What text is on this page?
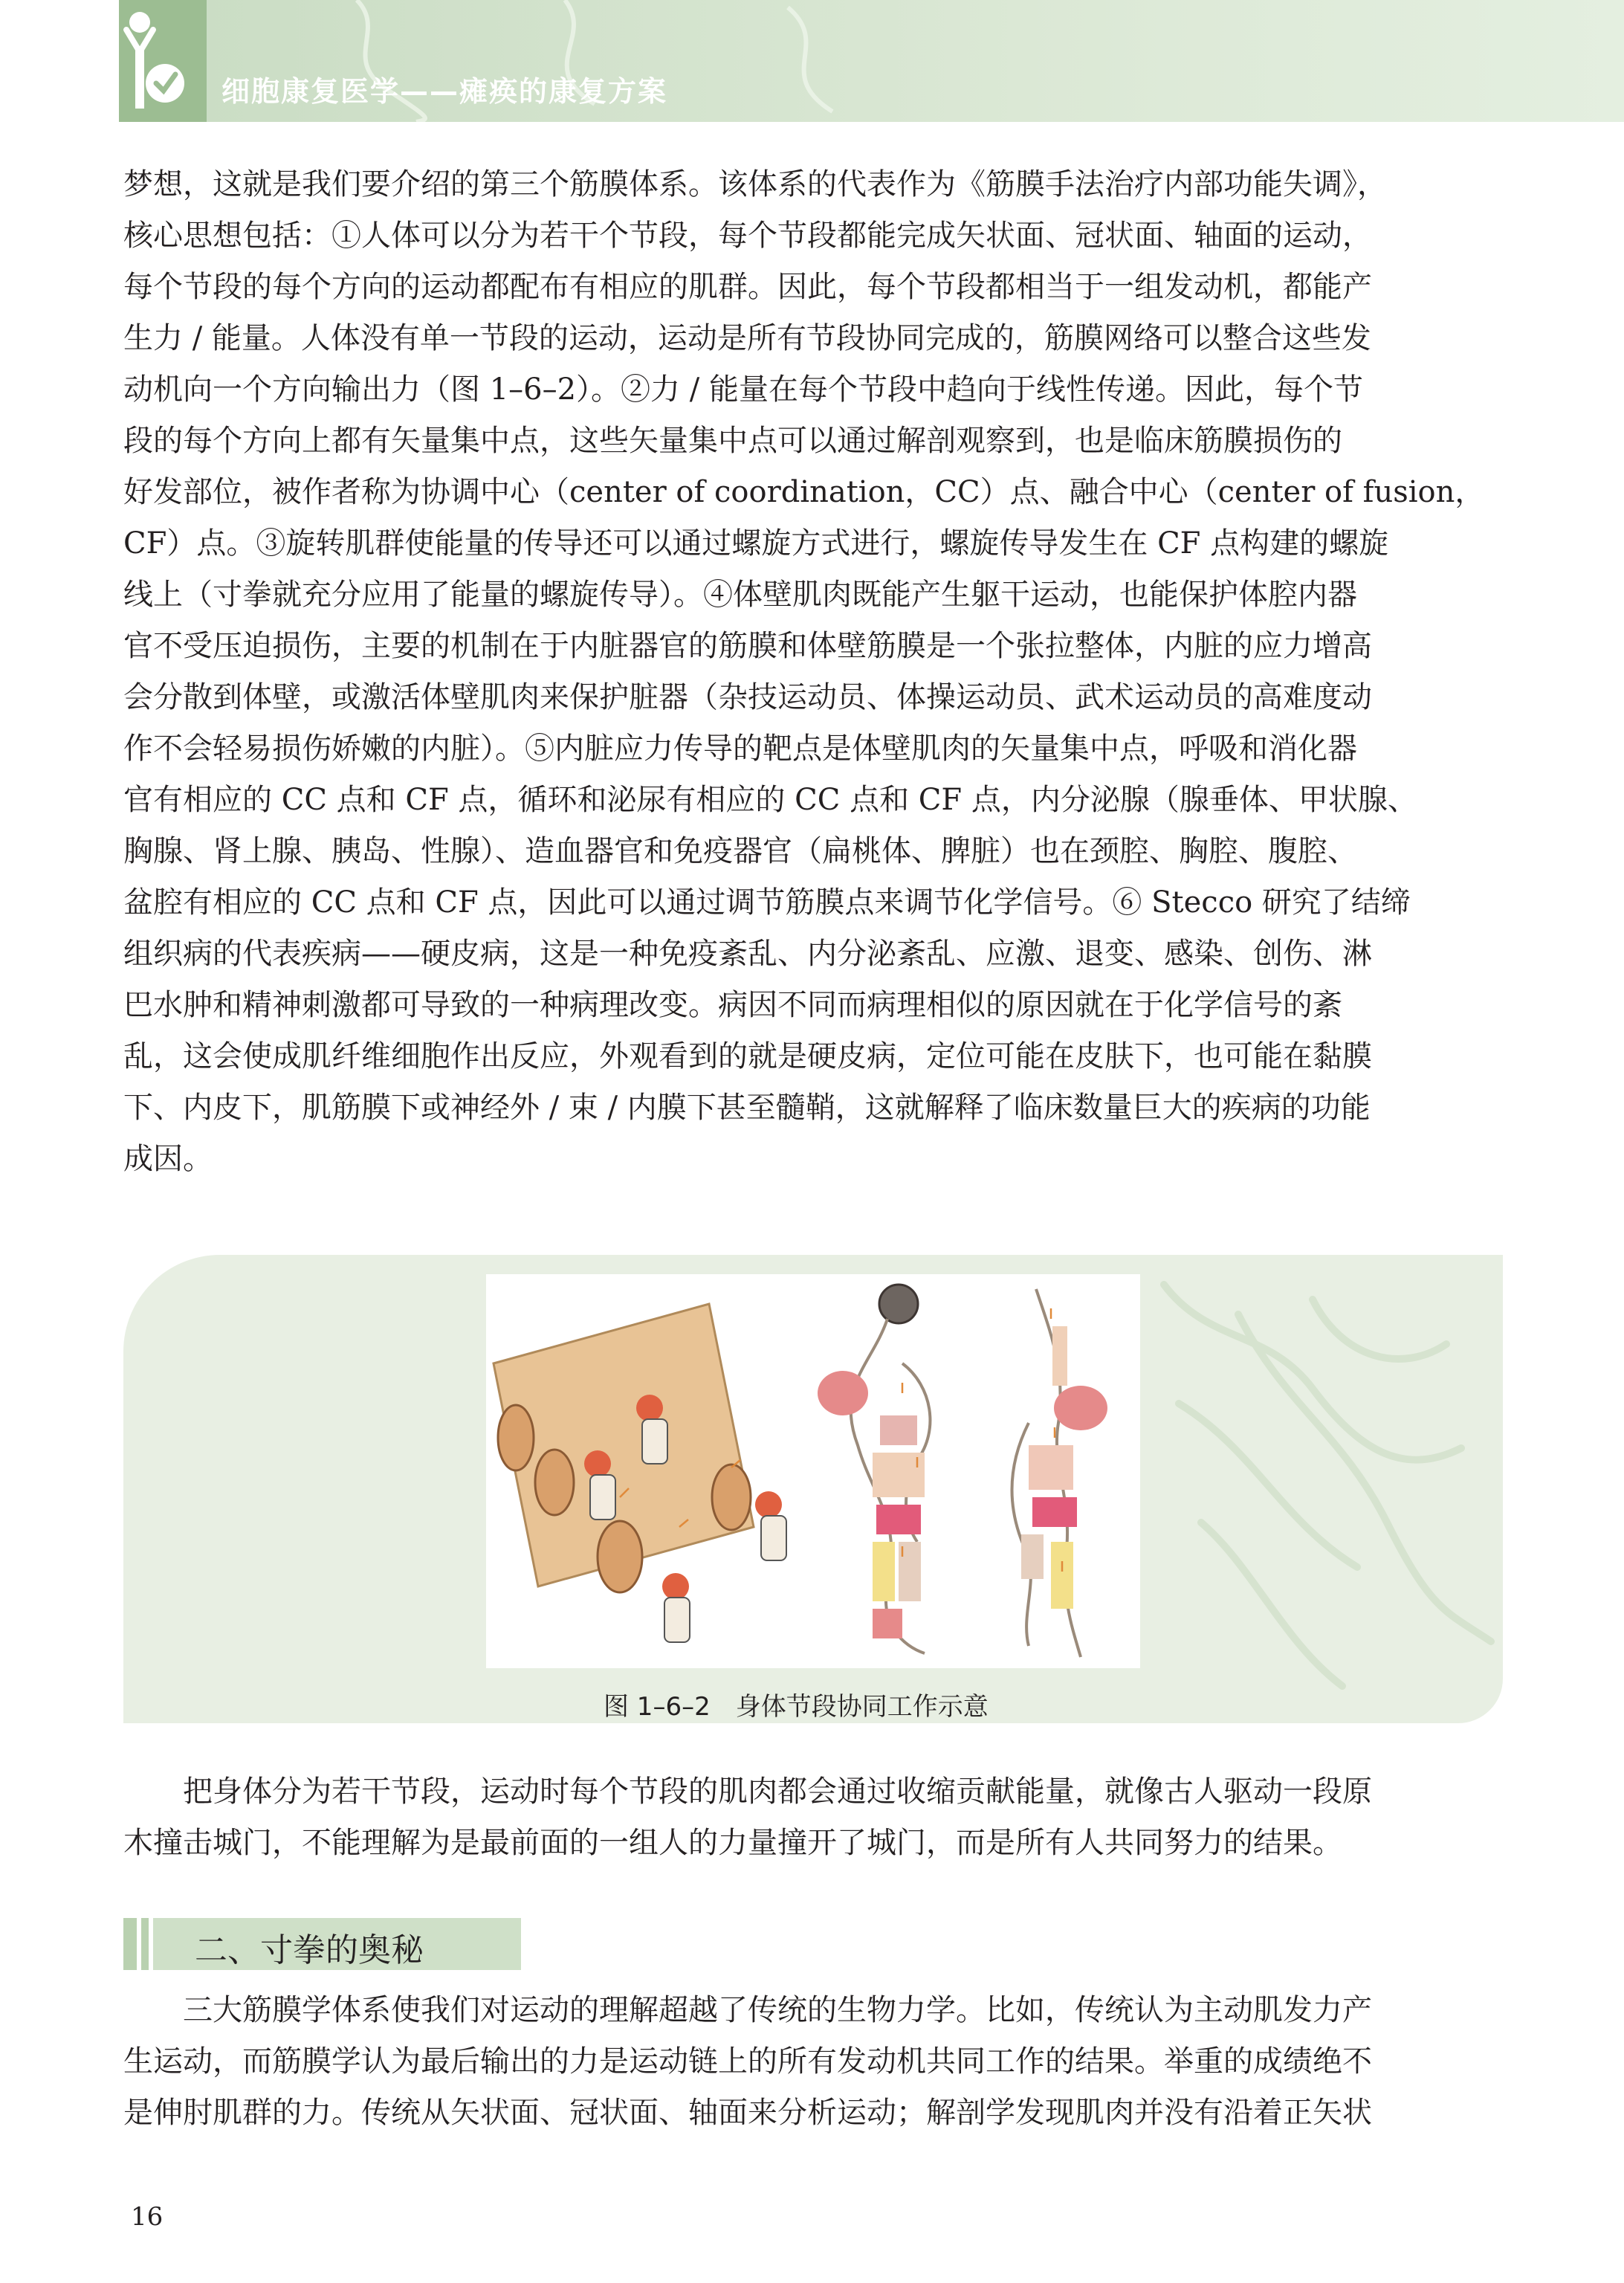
细胞康复医学——瘫痪的康复方案
梦想，这就是我们要介绍的第三个筋膜体系。该体系的代表作为《筋膜手法治疗内部功能失调》，
核心思想包括：①人体可以分为若干个节段，每个节段都能完成矢状面、冠状面、轴面的运动，
每个节段的每个方向的运动都配布有相应的肌群。因此，每个节段都相当于一组发动机，都能产
生力 / 能量。人体没有单一节段的运动，运动是所有节段协同完成的，筋膜网络可以整合这些发
动机向一个方向输出力（图 1–6–2）。②力 / 能量在每个节段中趋向于线性传递。因此，每个节
段的每个方向上都有矢量集中点，这些矢量集中点可以通过解剖观察到，也是临床筋膜损伤的
好发部位，被作者称为协调中心（center of coordination，CC）点、融合中心（center of fusion，
CF）点。③旋转肌群使能量的传导还可以通过螺旋方式进行，螺旋传导发生在 CF 点构建的螺旋
线上（寸拳就充分应用了能量的螺旋传导）。④体壁肌肉既能产生躯干运动，也能保护体腔内器
官不受压迫损伤，主要的机制在于内脏器官的筋膜和体壁筋膜是一个张拉整体，内脏的应力增高
会分散到体壁，或激活体壁肌肉来保护脏器（杂技运动员、体操运动员、武术运动员的高难度动
作不会轻易损伤娇嫩的内脏）。⑤内脏应力传导的靶点是体壁肌肉的矢量集中点，呼吸和消化器
官有相应的 CC 点和 CF 点，循环和泌尿有相应的 CC 点和 CF 点，内分泌腺（腺垂体、甲状腺、
胸腺、肾上腺、胰岛、性腺）、造血器官和免疫器官（扁桃体、脾脏）也在颈腔、胸腔、腹腔、
盆腔有相应的 CC 点和 CF 点，因此可以通过调节筋膜点来调节化学信号。⑥ Stecco 研究了结缔
组织病的代表疾病——硬皮病，这是一种免疫紊乱、内分泌紊乱、应激、退变、感染、创伤、淋
巴水肿和精神刺激都可导致的一种病理改变。病因不同而病理相似的原因就在于化学信号的紊
乱，这会使成肌纤维细胞作出反应，外观看到的就是硬皮病，定位可能在皮肤下，也可能在黏膜
下、内皮下，肌筋膜下或神经外 / 束 / 内膜下甚至髓鞘，这就解释了临床数量巨大的疾病的功能
成因。
图 1–6–2　身体节段协同工作示意
　　把身体分为若干节段，运动时每个节段的肌肉都会通过收缩贡献能量，就像古人驱动一段原
木撞击城门，不能理解为是最前面的一组人的力量撞开了城门，而是所有人共同努力的结果。
二、寸拳的奥秘
　　三大筋膜学体系使我们对运动的理解超越了传统的生物力学。比如，传统认为主动肌发力产
生运动，而筋膜学认为最后输出的力是运动链上的所有发动机共同工作的结果。举重的成绩绝不
是伸肘肌群的力。传统从矢状面、冠状面、轴面来分析运动；解剖学发现肌肉并没有沿着正矢状
16
